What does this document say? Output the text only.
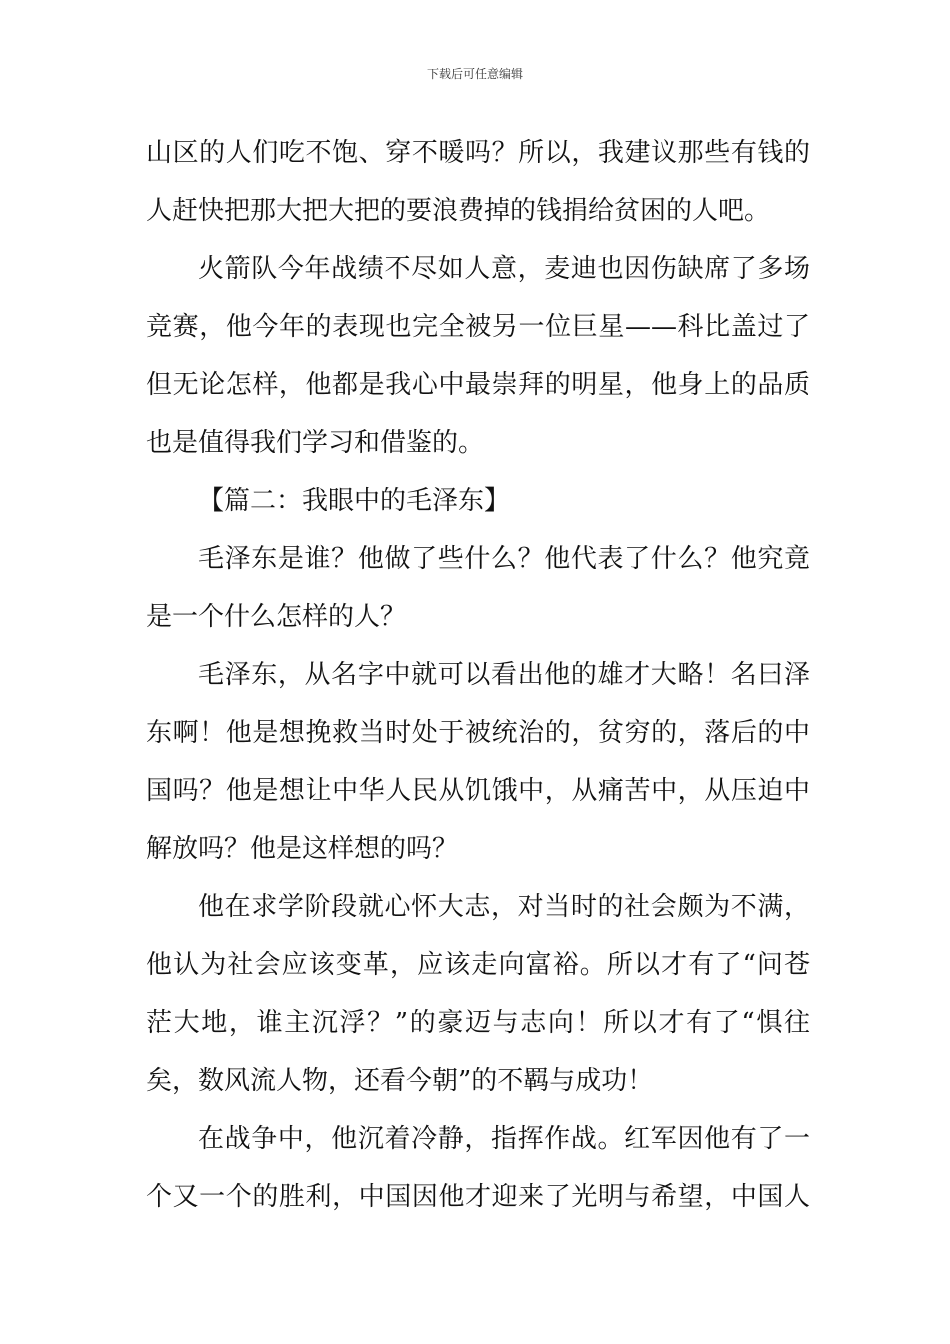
下载后可任意编辑
山区的人们吃不饱、穿不暖吗？所以，我建议那些有钱的
人赶快把那大把大把的要浪费掉的钱捐给贫困的人吧。
火箭队今年战绩不尽如人意，麦迪也因伤缺席了多场
竞赛，他今年的表现也完全被另一位巨星——科比盖过了
但无论怎样，他都是我心中最崇拜的明星，他身上的品质
也是值得我们学习和借鉴的。
【篇二：我眼中的毛泽东】
毛泽东是谁？他做了些什么？他代表了什么？他究竟
是一个什么怎样的人？
毛泽东，从名字中就可以看出他的雄才大略！名曰泽
东啊！他是想挽救当时处于被统治的，贫穷的，落后的中
国吗？他是想让中华人民从饥饿中，从痛苦中，从压迫中
解放吗？他是这样想的吗？
他在求学阶段就心怀大志，对当时的社会颇为不满，
他认为社会应该变革，应该走向富裕。所以才有了“问苍
茫大地，谁主沉浮？”的豪迈与志向！所以才有了“惧往
矣，数风流人物，还看今朝”的不羁与成功！
在战争中，他沉着冷静，指挥作战。红军因他有了一
个又一个的胜利，中国因他才迎来了光明与希望，中国人
